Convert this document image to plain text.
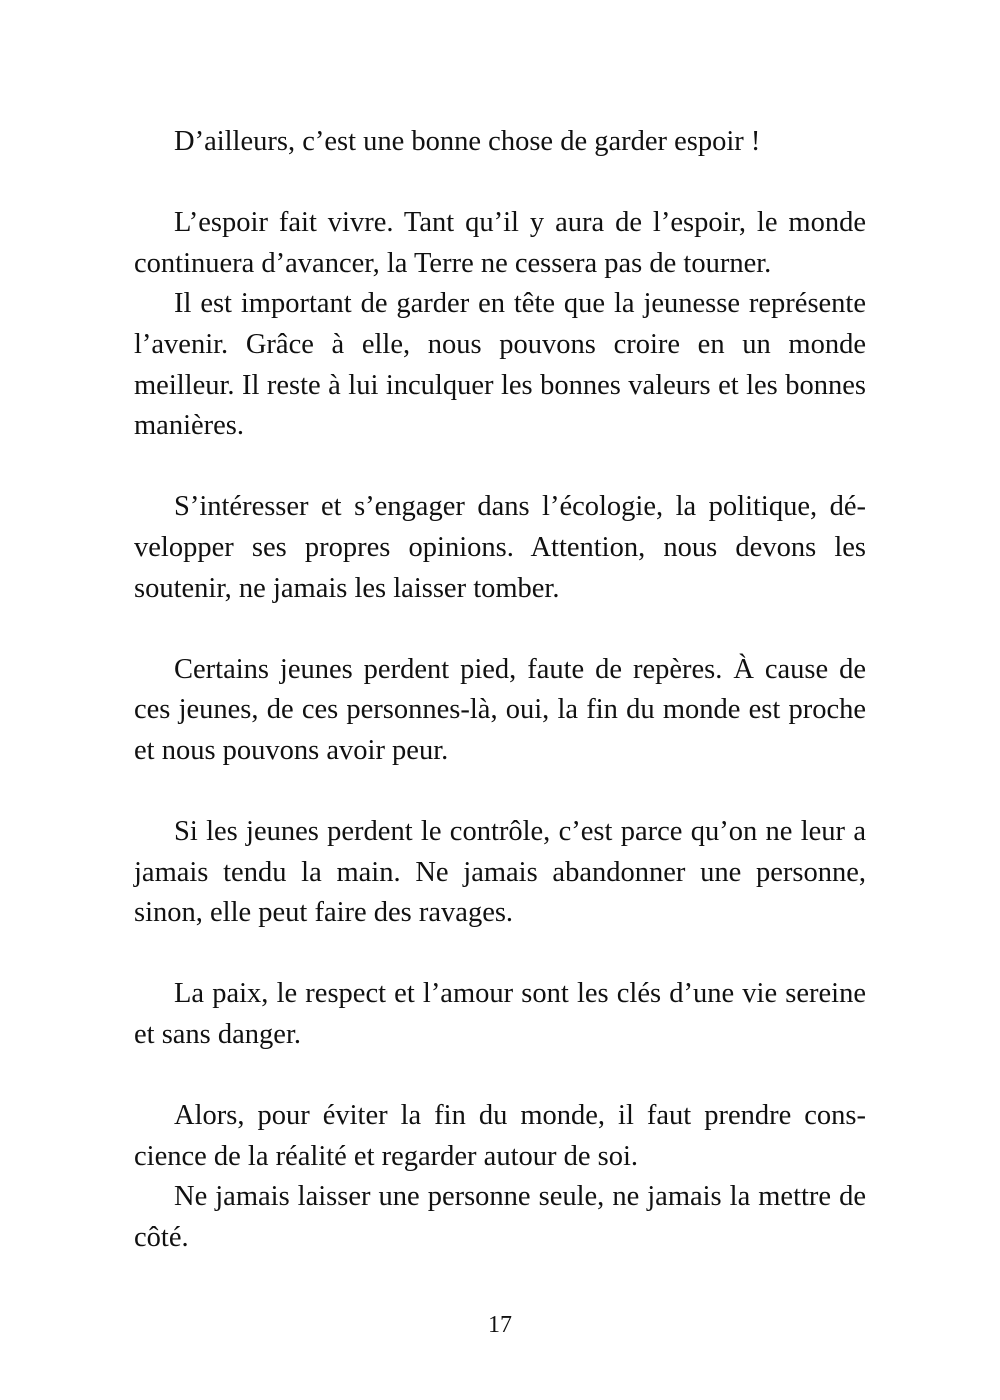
D’ailleurs, c’est une bonne chose de garder espoir !

L’espoir fait vivre. Tant qu’il y aura de l’espoir, le monde continuera d’avancer, la Terre ne cessera pas de tourner.

Il est important de garder en tête que la jeunesse représente l’avenir. Grâce à elle, nous pouvons croire en un monde meilleur. Il reste à lui inculquer les bonnes valeurs et les bonnes manières.

S’intéresser et s’engager dans l’écologie, la politique, développer ses propres opinions. Attention, nous devons les soutenir, ne jamais les laisser tomber.

Certains jeunes perdent pied, faute de repères. À cause de ces jeunes, de ces personnes-là, oui, la fin du monde est proche et nous pouvons avoir peur.

Si les jeunes perdent le contrôle, c’est parce qu’on ne leur a jamais tendu la main. Ne jamais abandonner une personne, sinon, elle peut faire des ravages.

La paix, le respect et l’amour sont les clés d’une vie sereine et sans danger.

Alors, pour éviter la fin du monde, il faut prendre conscience de la réalité et regarder autour de soi.

Ne jamais laisser une personne seule, ne jamais la mettre de côté.

17
